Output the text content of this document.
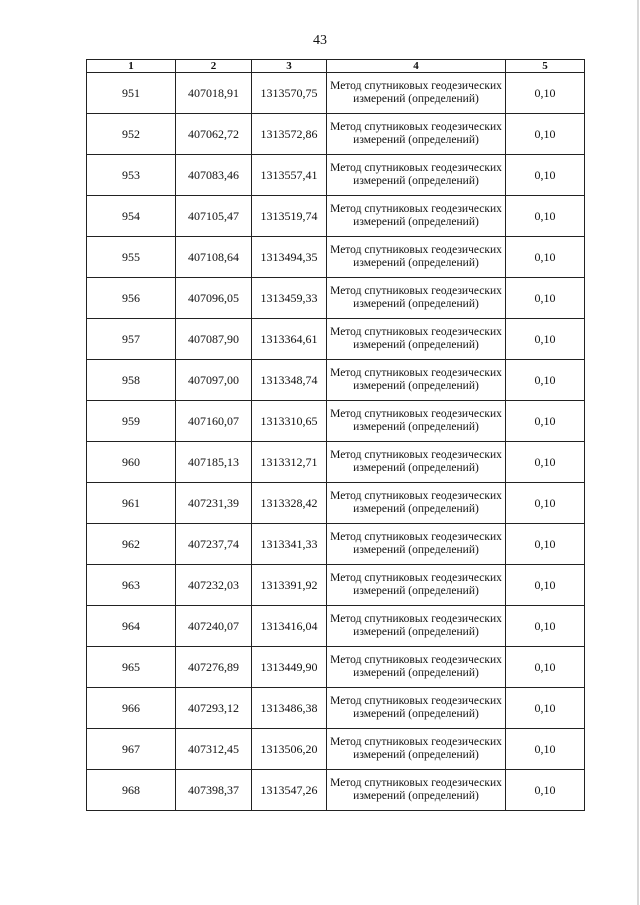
43
1	2	3	4	5
951	407018,91	1313570,75	Метод спутниковых геодезических измерений (определений)	0,10
952	407062,72	1313572,86	Метод спутниковых геодезических измерений (определений)	0,10
953	407083,46	1313557,41	Метод спутниковых геодезических измерений (определений)	0,10
954	407105,47	1313519,74	Метод спутниковых геодезических измерений (определений)	0,10
955	407108,64	1313494,35	Метод спутниковых геодезических измерений (определений)	0,10
956	407096,05	1313459,33	Метод спутниковых геодезических измерений (определений)	0,10
957	407087,90	1313364,61	Метод спутниковых геодезических измерений (определений)	0,10
958	407097,00	1313348,74	Метод спутниковых геодезических измерений (определений)	0,10
959	407160,07	1313310,65	Метод спутниковых геодезических измерений (определений)	0,10
960	407185,13	1313312,71	Метод спутниковых геодезических измерений (определений)	0,10
961	407231,39	1313328,42	Метод спутниковых геодезических измерений (определений)	0,10
962	407237,74	1313341,33	Метод спутниковых геодезических измерений (определений)	0,10
963	407232,03	1313391,92	Метод спутниковых геодезических измерений (определений)	0,10
964	407240,07	1313416,04	Метод спутниковых геодезических измерений (определений)	0,10
965	407276,89	1313449,90	Метод спутниковых геодезических измерений (определений)	0,10
966	407293,12	1313486,38	Метод спутниковых геодезических измерений (определений)	0,10
967	407312,45	1313506,20	Метод спутниковых геодезических измерений (определений)	0,10
968	407398,37	1313547,26	Метод спутниковых геодезических измерений (определений)	0,10
